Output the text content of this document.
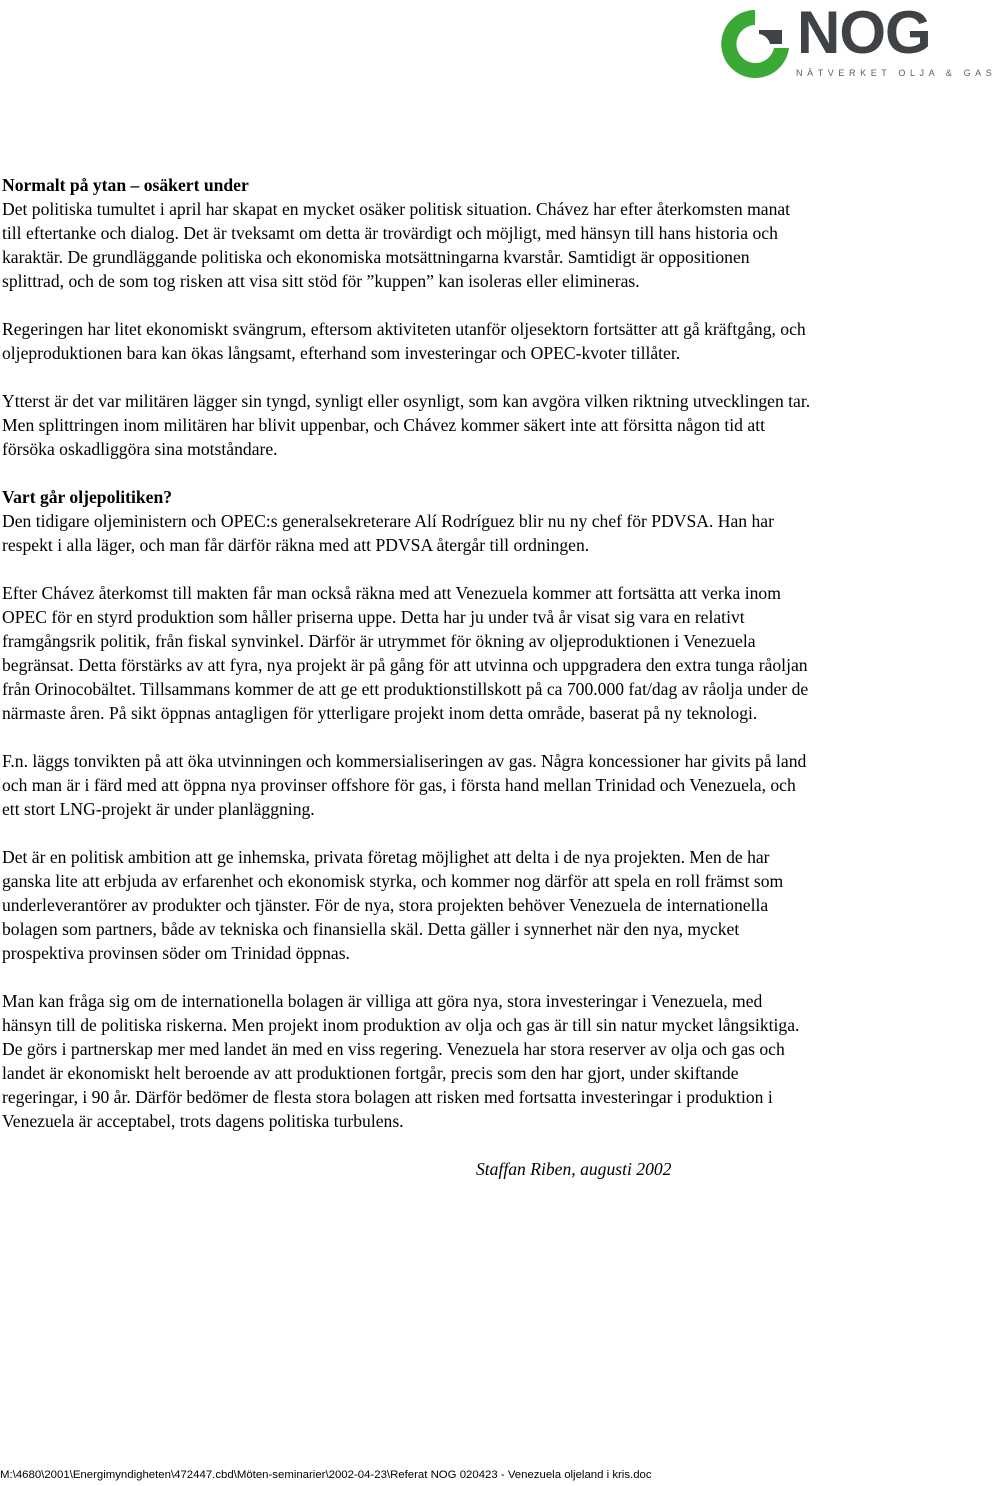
NOG
NÄTVERKET OLJA & GAS

Normalt på ytan – osäkert under
Det politiska tumultet i april har skapat en mycket osäker politisk situation. Chávez har efter återkomsten manat till eftertanke och dialog. Det är tveksamt om detta är trovärdigt och möjligt, med hänsyn till hans historia och karaktär. De grundläggande politiska och ekonomiska motsättningarna kvarstår. Samtidigt är oppositionen splittrad, och de som tog risken att visa sitt stöd för ”kuppen” kan isoleras eller elimineras.

Regeringen har litet ekonomiskt svängrum, eftersom aktiviteten utanför oljesektorn fortsätter att gå kräftgång, och oljeproduktionen bara kan ökas långsamt, efterhand som investeringar och OPEC-kvoter tillåter.

Ytterst är det var militären lägger sin tyngd, synligt eller osynligt, som kan avgöra vilken riktning utvecklingen tar. Men splittringen inom militären har blivit uppenbar, och Chávez kommer säkert inte att försitta någon tid att försöka oskadliggöra sina motståndare.

Vart går oljepolitiken?
Den tidigare oljeministern och OPEC:s generalsekreterare Alí Rodríguez blir nu ny chef för PDVSA. Han har respekt i alla läger, och man får därför räkna med att PDVSA återgår till ordningen.

Efter Chávez återkomst till makten får man också räkna med att Venezuela kommer att fortsätta att verka inom OPEC för en styrd produktion som håller priserna uppe. Detta har ju under två år visat sig vara en relativt framgångsrik politik, från fiskal synvinkel. Därför är utrymmet för ökning av oljeproduktionen i Venezuela begränsat. Detta förstärks av att fyra, nya projekt är på gång för att utvinna och uppgradera den extra tunga råoljan från Orinocobältet. Tillsammans kommer de att ge ett produktionstillskott på ca 700.000 fat/dag av råolja under de närmaste åren. På sikt öppnas antagligen för ytterligare projekt inom detta område, baserat på ny teknologi.

F.n. läggs tonvikten på att öka utvinningen och kommersialiseringen av gas. Några koncessioner har givits på land och man är i färd med att öppna nya provinser offshore för gas, i första hand mellan Trinidad och Venezuela, och ett stort LNG-projekt är under planläggning.

Det är en politisk ambition att ge inhemska, privata företag möjlighet att delta i de nya projekten. Men de har ganska lite att erbjuda av erfarenhet och ekonomisk styrka, och kommer nog därför att spela en roll främst som underleverantörer av produkter och tjänster. För de nya, stora projekten behöver Venezuela de internationella bolagen som partners, både av tekniska och finansiella skäl. Detta gäller i synnerhet när den nya, mycket prospektiva provinsen söder om Trinidad öppnas.

Man kan fråga sig om de internationella bolagen är villiga att göra nya, stora investeringar i Venezuela, med hänsyn till de politiska riskerna. Men projekt inom produktion av olja och gas är till sin natur mycket långsiktiga. De görs i partnerskap mer med landet än med en viss regering. Venezuela har stora reserver av olja och gas och landet är ekonomiskt helt beroende av att produktionen fortgår, precis som den har gjort, under skiftande regeringar, i 90 år. Därför bedömer de flesta stora bolagen att risken med fortsatta investeringar i produktion i Venezuela är acceptabel, trots dagens politiska turbulens.

Staffan Riben, augusti 2002

M:\4680\2001\Energimyndigheten\472447.cbd\Möten-seminarier\2002-04-23\Referat NOG 020423 - Venezuela oljeland i kris.doc
